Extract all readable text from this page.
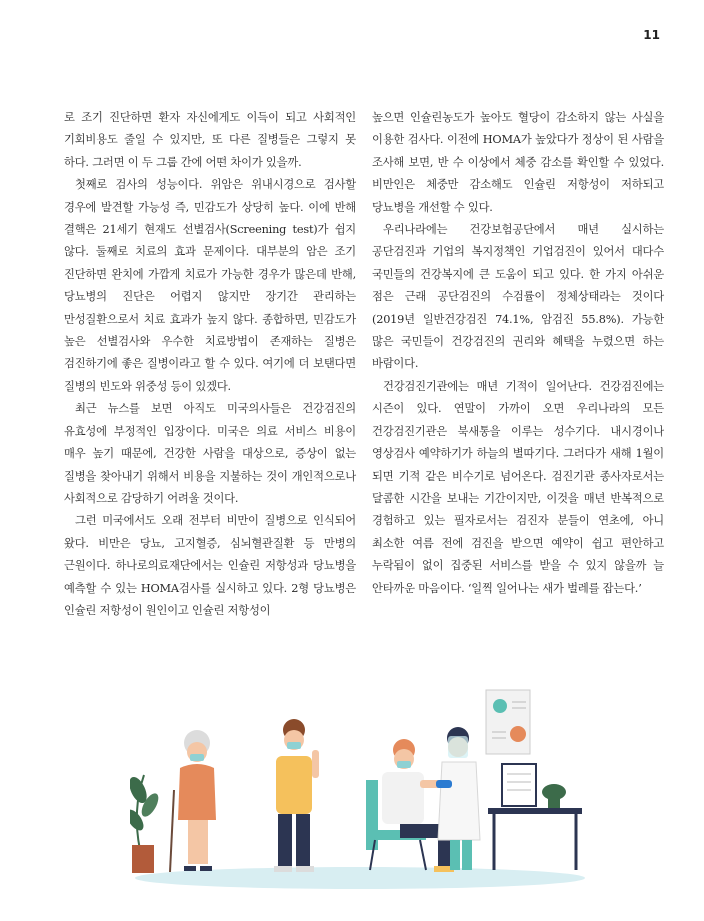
11

로 조기 진단하면 환자 자신에게도 이득이 되고 사회적인 기회비용도 줄일 수 있지만, 또 다른 질병들은 그렇지 못 하다. 그러면 이 두 그룹 간에 어떤 차이가 있을까.

첫째로 검사의 성능이다. 위암은 위내시경으로 검사할 경우에 발견할 가능성 즉, 민감도가 상당히 높다. 이에 반해 결핵은 21세기 현재도 선별검사(Screening test)가 쉽지 않다. 둘째로 치료의 효과 문제이다. 대부분의 암은 조기 진단하면 완치에 가깝게 치료가 가능한 경우가 많은데 반해, 당뇨병의 진단은 어렵지 않지만 장기간 관리하는 만성질환으로서 치료 효과가 높지 않다. 종합하면, 민감도가 높은 선별검사와 우수한 치료방법이 존재하는 질병은 검진하기에 좋은 질병이라고 할 수 있다. 여기에 더 보탠다면 질병의 빈도와 위중성 등이 있겠다.

최근 뉴스를 보면 아직도 미국의사들은 건강검진의 유효성에 부정적인 입장이다. 미국은 의료 서비스 비용이 매우 높기 때문에, 건강한 사람을 대상으로, 증상이 없는 질병을 찾아내기 위해서 비용을 지불하는 것이 개인적으로나 사회적으로 감당하기 어려울 것이다.

그런 미국에서도 오래 전부터 비만이 질병으로 인식되어 왔다. 비만은 당뇨, 고지혈증, 심뇌혈관질환 등 만병의 근원이다. 하나로의료재단에서는 인슐린 저항성과 당뇨병을 예측할 수 있는 HOMA검사를 실시하고 있다. 2형 당뇨병은 인슐린 저항성이 원인이고 인슐린 저항성이

높으면 인슐린농도가 높아도 혈당이 감소하지 않는 사실을 이용한 검사다. 이전에 HOMA가 높았다가 정상이 된 사람을 조사해 보면, 반 수 이상에서 체중 감소를 확인할 수 있었다. 비만인은 체중만 감소해도 인슐린 저항성이 저하되고 당뇨병을 개선할 수 있다.

우리나라에는 건강보험공단에서 매년 실시하는 공단검진과 기업의 복지정책인 기업검진이 있어서 대다수 국민들의 건강복지에 큰 도움이 되고 있다. 한 가지 아쉬운 점은 근래 공단검진의 수검률이 정체상태라는 것이다(2019년 일반건강검진 74.1%, 암검진 55.8%). 가능한 많은 국민들이 건강검진의 권리와 혜택을 누렸으면 하는 바람이다.

건강검진기관에는 매년 기적이 일어난다. 건강검진에는 시즌이 있다. 연말이 가까이 오면 우리나라의 모든 건강검진기관은 북새통을 이루는 성수기다. 내시경이나 영상검사 예약하기가 하늘의 별따기다. 그러다가 새해 1월이 되면 기적 같은 비수기로 넘어온다. 검진기관 종사자로서는 달콤한 시간을 보내는 기간이지만, 이것을 매년 반복적으로 경험하고 있는 필자로서는 검진자 분들이 연초에, 아니 최소한 여름 전에 검진을 받으면 예약이 쉽고 편안하고 누락됨이 없이 집중된 서비스를 받을 수 있지 않을까 늘 안타까운 마음이다. ‘일찍 일어나는 새가 벌레를 잡는다.’
